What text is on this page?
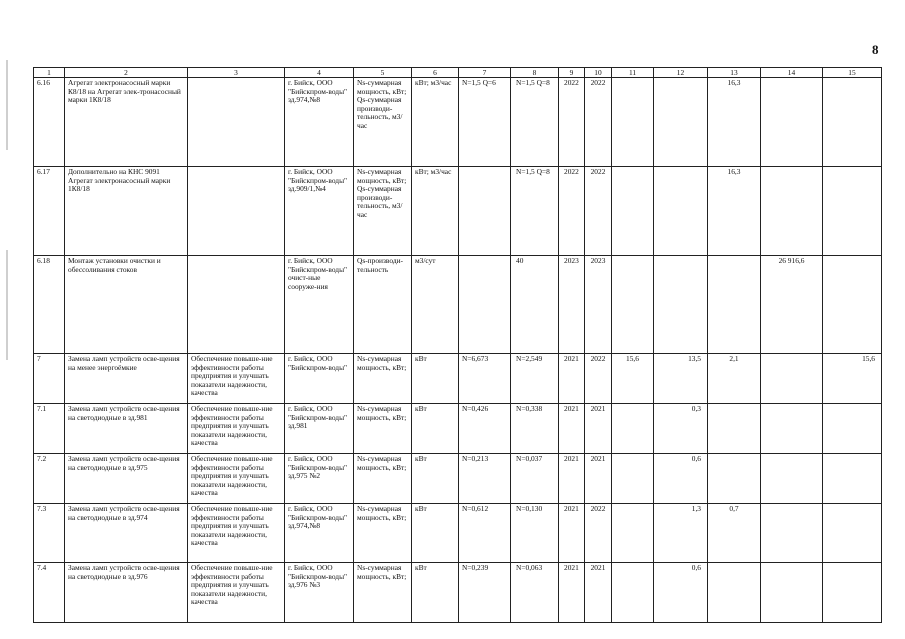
8
1	2	3	4	5	6	7	8	9	10	11	12	13	14	15
6.16	Агрегат электронасосный марки К8/18 на Агрегат элек-тронасосный марки 1К8/18		г. Бийск, ООО "Бийскпром-воды" зд.974,№8	Ns-суммарная мощность, кВт; Qs-суммарная производи-тельность, м3/час	кВт; м3/час	N=1,5 Q=6	N=1,5 Q=8	2022	2022			16,3		
6.17	Дополнительно на КНС 9091 Агрегат электронасосный марки 1К8/18		г. Бийск, ООО "Бийскпром-воды" зд.909/1,№4	Ns-суммарная мощность, кВт; Qs-суммарная производи-тельность, м3/час	кВт; м3/час		N=1,5 Q=8	2022	2022			16,3		
6.18	Монтаж установки очистки и обессоливания стоков		г. Бийск, ООО "Бийскпром-воды" очист-ные сооруже-ния	Qs-производи-тельность	м3/сут		40	2023	2023				26 916,6	
7	Замена ламп устройств осве-щения на менее энергоёмкие	Обеспечение повыше-ние эффективности работы предприятия и улучшать показатели надежности, качества	г. Бийск, ООО "Бийскпром-воды"	Ns-суммарная мощность, кВт;	кВт	N=6,673	N=2,549	2021	2022	15,6	13,5	2,1		15,6
7.1	Замена ламп устройств осве-щения на светодиодные в зд.981	Обеспечение повыше-ние эффективности работы предприятия и улучшать показатели надежности, качества	г. Бийск, ООО "Бийскпром-воды" зд.981	Ns-суммарная мощность, кВт;	кВт	N=0,426	N=0,338	2021	2021		0,3			
7.2	Замена ламп устройств осве-щения на светодиодные в зд.975	Обеспечение повыше-ние эффективности работы предприятия и улучшать показатели надежности, качества	г. Бийск, ООО "Бийскпром-воды" зд.975 №2	Ns-суммарная мощность, кВт;	кВт	N=0,213	N=0,037	2021	2021		0,6			
7.3	Замена ламп устройств осве-щения на светодиодные в зд.974	Обеспечение повыше-ние эффективности работы предприятия и улучшать показатели надежности, качества	г. Бийск, ООО "Бийскпром-воды" зд.974,№8	Ns-суммарная мощность, кВт;	кВт	N=0,612	N=0,130	2021	2022		1,3	0,7		
7.4	Замена ламп устройств осве-щения на светодиодные в зд.976	Обеспечение повыше-ние эффективности работы предприятия и улучшать показатели надежности, качества	г. Бийск, ООО "Бийскпром-воды" зд.976 №3	Ns-суммарная мощность, кВт;	кВт	N=0,239	N=0,063	2021	2021		0,6			
